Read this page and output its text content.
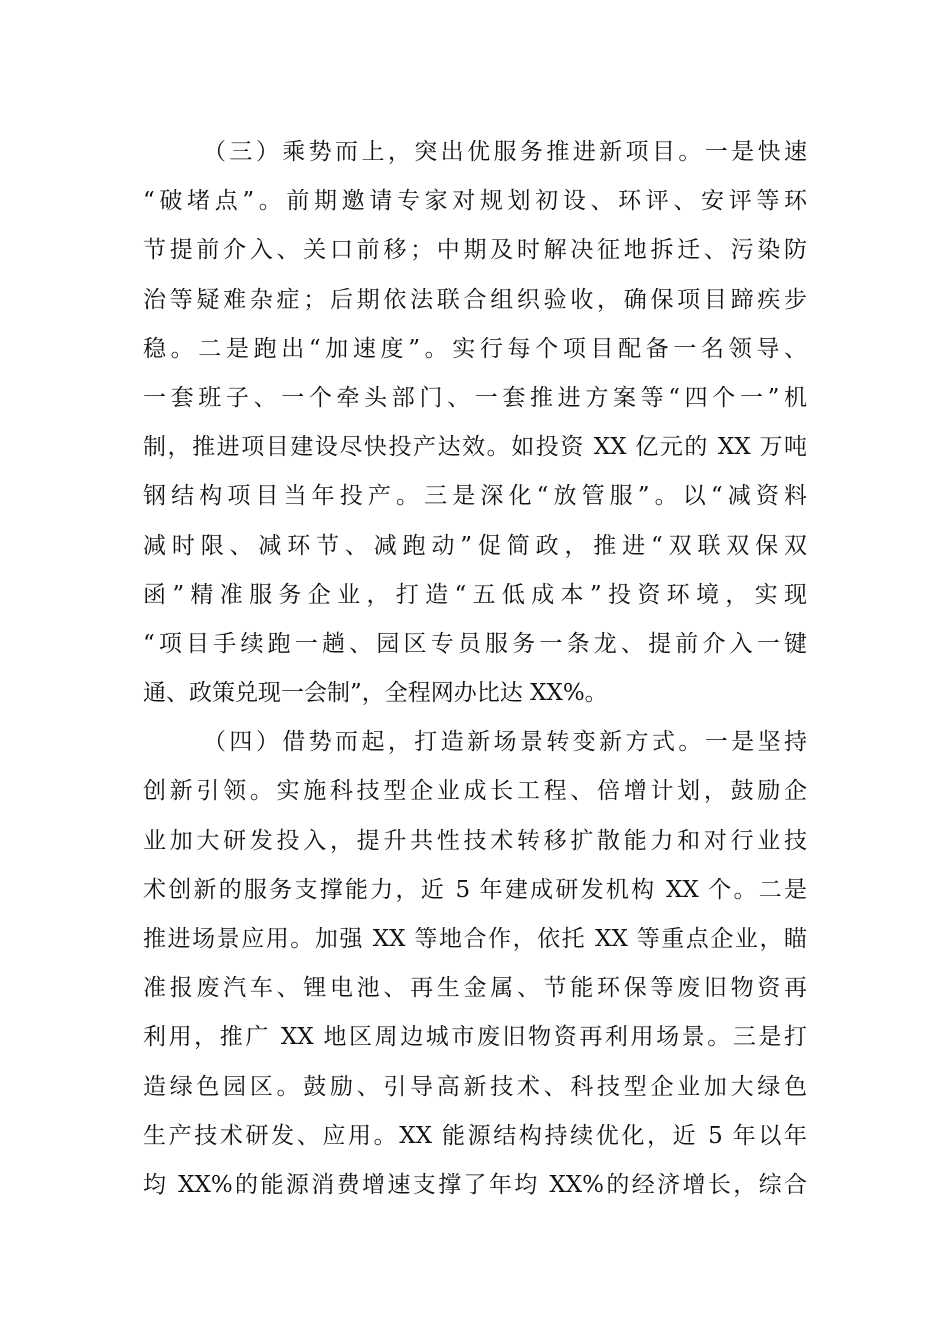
（三）乘势而上，突出优服务推进新项目。一是快速
“破堵点”。前期邀请专家对规划初设、环评、安评等环
节提前介入、关口前移；中期及时解决征地拆迁、污染防
治等疑难杂症；后期依法联合组织验收，确保项目蹄疾步
稳。二是跑出“加速度”。实行每个项目配备一名领导、
一套班子、一个牵头部门、一套推进方案等“四个一”机
制，推进项目建设尽快投产达效。如投资 XX 亿元的 XX 万吨
钢结构项目当年投产。三是深化“放管服”。以“减资料
减时限、减环节、减跑动”促简政，推进“双联双保双
函”精准服务企业，打造“五低成本”投资环境，实现
“项目手续跑一趟、园区专员服务一条龙、提前介入一键
通、政策兑现一会制”，全程网办比达 XX%。
（四）借势而起，打造新场景转变新方式。一是坚持
创新引领。实施科技型企业成长工程、倍增计划，鼓励企
业加大研发投入，提升共性技术转移扩散能力和对行业技
术创新的服务支撑能力，近 5 年建成研发机构 XX 个。二是
推进场景应用。加强 XX 等地合作，依托 XX 等重点企业，瞄
准报废汽车、锂电池、再生金属、节能环保等废旧物资再
利用，推广 XX 地区周边城市废旧物资再利用场景。三是打
造绿色园区。鼓励、引导高新技术、科技型企业加大绿色
生产技术研发、应用。XX 能源结构持续优化，近 5 年以年
均 XX%的能源消费增速支撑了年均 XX%的经济增长，综合
